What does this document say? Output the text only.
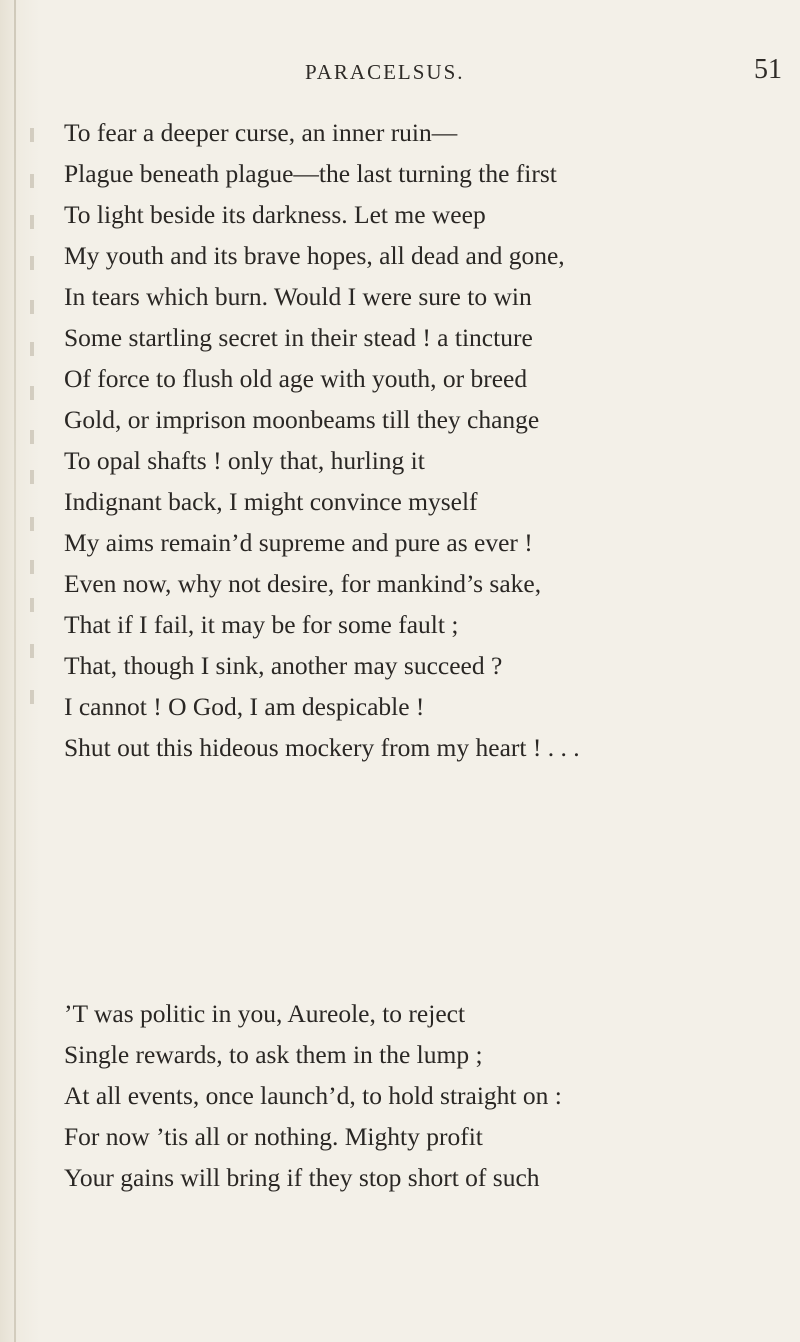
PARACELSUS.	51
To fear a deeper curse, an inner ruin—
Plague beneath plague—the last turning the first
To light beside its darkness. Let me weep
My youth and its brave hopes, all dead and gone,
In tears which burn. Would I were sure to win
Some startling secret in their stead ! a tincture
Of force to flush old age with youth, or breed
Gold, or imprison moonbeams till they change
To opal shafts ! only that, hurling it
Indignant back, I might convince myself
My aims remain’d supreme and pure as ever !
Even now, why not desire, for mankind’s sake,
That if I fail, it may be for some fault ;
That, though I sink, another may succeed ?
I cannot ! O God, I am despicable !
Shut out this hideous mockery from my heart ! . . .
’T was politic in you, Aureole, to reject
Single rewards, to ask them in the lump ;
At all events, once launch’d, to hold straight on :
For now ’tis all or nothing. Mighty profit
Your gains will bring if they stop short of such
